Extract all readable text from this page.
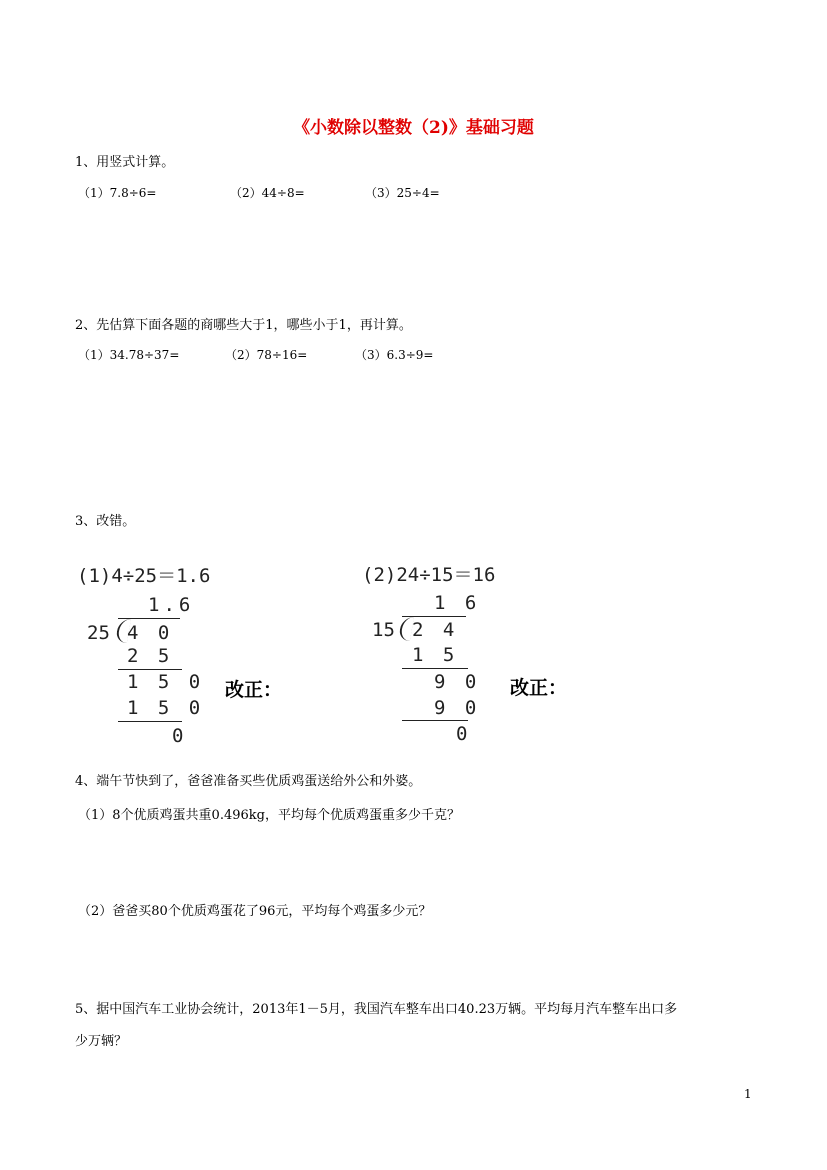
《小数除以整数（2)》基础习题
1、用竖式计算。
（1）7.8÷6=	（2）44÷8=	（3）25÷4=
2、先估算下面各题的商哪些大于1，哪些小于1，再计算。
（1）34.78÷37=	（2）78÷16=	（3）6.3÷9=
3、改错。
(1)4÷25＝1.6
1.6
25 4 0
2 5
1 5 0
1 5 0
0
改正：
(2)24÷15＝16
1 6
15 2 4
1 5
9 0
9 0
0
改正：
4、端午节快到了，爸爸准备买些优质鸡蛋送给外公和外婆。
（1）8个优质鸡蛋共重0.496kg，平均每个优质鸡蛋重多少千克？
（2）爸爸买80个优质鸡蛋花了96元，平均每个鸡蛋多少元？
5、据中国汽车工业协会统计，2013年1－5月，我国汽车整车出口40.23万辆。平均每月汽车整车出口多
少万辆？
1
